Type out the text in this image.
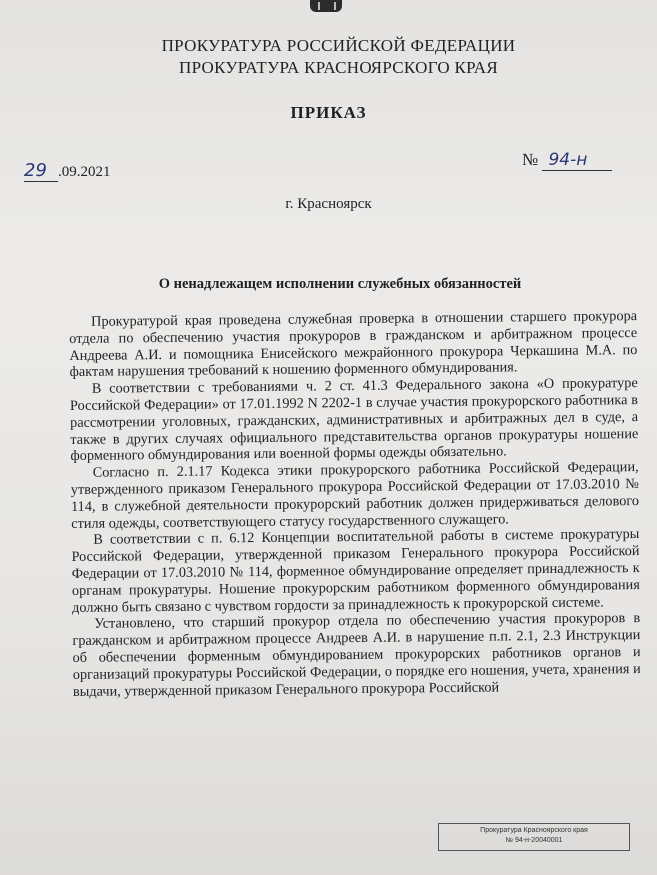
ПРОКУРАТУРА РОССИЙСКОЙ ФЕДЕРАЦИИ
ПРОКУРАТУРА КРАСНОЯРСКОГО КРАЯ
ПРИКАЗ
29 .09.2021
№ 94-н
г. Красноярск
О ненадлежащем исполнении служебных обязанностей

Прокуратурой края проведена служебная проверка в отношении старшего прокурора отдела по обеспечению участия прокуроров в гражданском и арбитражном процессе Андреева А.И. и помощника Енисейского межрайонного прокурора Черкашина М.А. по фактам нарушения требований к ношению форменного обмундирования.

В соответствии с требованиями ч. 2 ст. 41.3 Федерального закона «О прокуратуре Российской Федерации» от 17.01.1992 N 2202-1 в случае участия прокурорского работника в рассмотрении уголовных, гражданских, административных и арбитражных дел в суде, а также в других случаях официального представительства органов прокуратуры ношение форменного обмундирования или военной формы одежды обязательно.

Согласно п. 2.1.17 Кодекса этики прокурорского работника Российской Федерации, утвержденного приказом Генерального прокурора Российской Федерации от 17.03.2010 № 114, в служебной деятельности прокурорский работник должен придерживаться делового стиля одежды, соответствующего статусу государственного служащего.

В соответствии с п. 6.12 Концепции воспитательной работы в системе прокуратуры Российской Федерации, утвержденной приказом Генерального прокурора Российской Федерации от 17.03.2010 № 114, форменное обмундирование определяет принадлежность к органам прокуратуры. Ношение прокурорским работником форменного обмундирования должно быть связано с чувством гордости за принадлежность к прокурорской системе.

Установлено, что старший прокурор отдела по обеспечению участия прокуроров в гражданском и арбитражном процессе Андреев А.И. в нарушение п.п. 2.1, 2.3 Инструкции об обеспечении форменным обмундированием прокурорских работников органов и организаций прокуратуры Российской Федерации, о порядке его ношения, учета, хранения и выдачи, утвержденной приказом Генерального прокурора Российской

Прокуратура Красноярского края
№ 94-н-20040001
